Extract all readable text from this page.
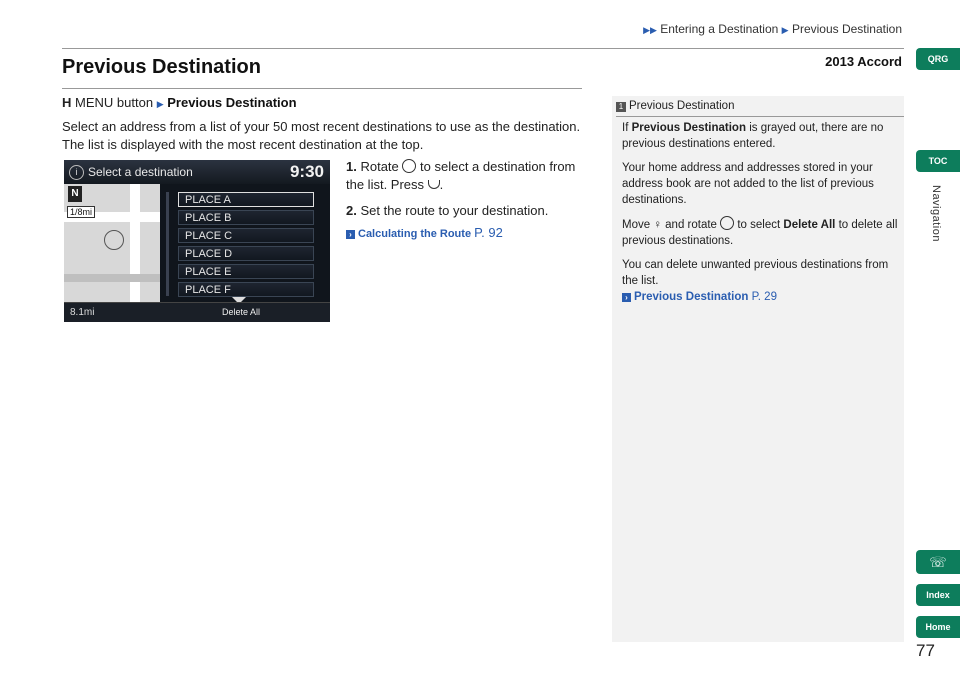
▶▶ Entering a Destination ▶ Previous Destination
2013 Accord
Previous Destination
H MENU button ▶ Previous Destination

Select an address from a list of your 50 most recent destinations to use as the destination. The list is displayed with the most recent destination at the top.

i Select a destination	9:30
N
1/8mi
PLACE A
PLACE B
PLACE C
PLACE D
PLACE E
PLACE F
8.1mi	Delete All
1. Rotate to select a destination from the list. Press .
2. Set the route to your destination.
› Calculating the Route P. 92
1 Previous Destination

If Previous Destination is grayed out, there are no previous destinations entered.

Your home address and addresses stored in your address book are not added to the list of previous destinations.

Move ♀ and rotate to select Delete All to delete all previous destinations.

You can delete unwanted previous destinations from the list.
› Previous Destination P. 29

QRG
TOC
Navigation
☏
Index
Home
77
